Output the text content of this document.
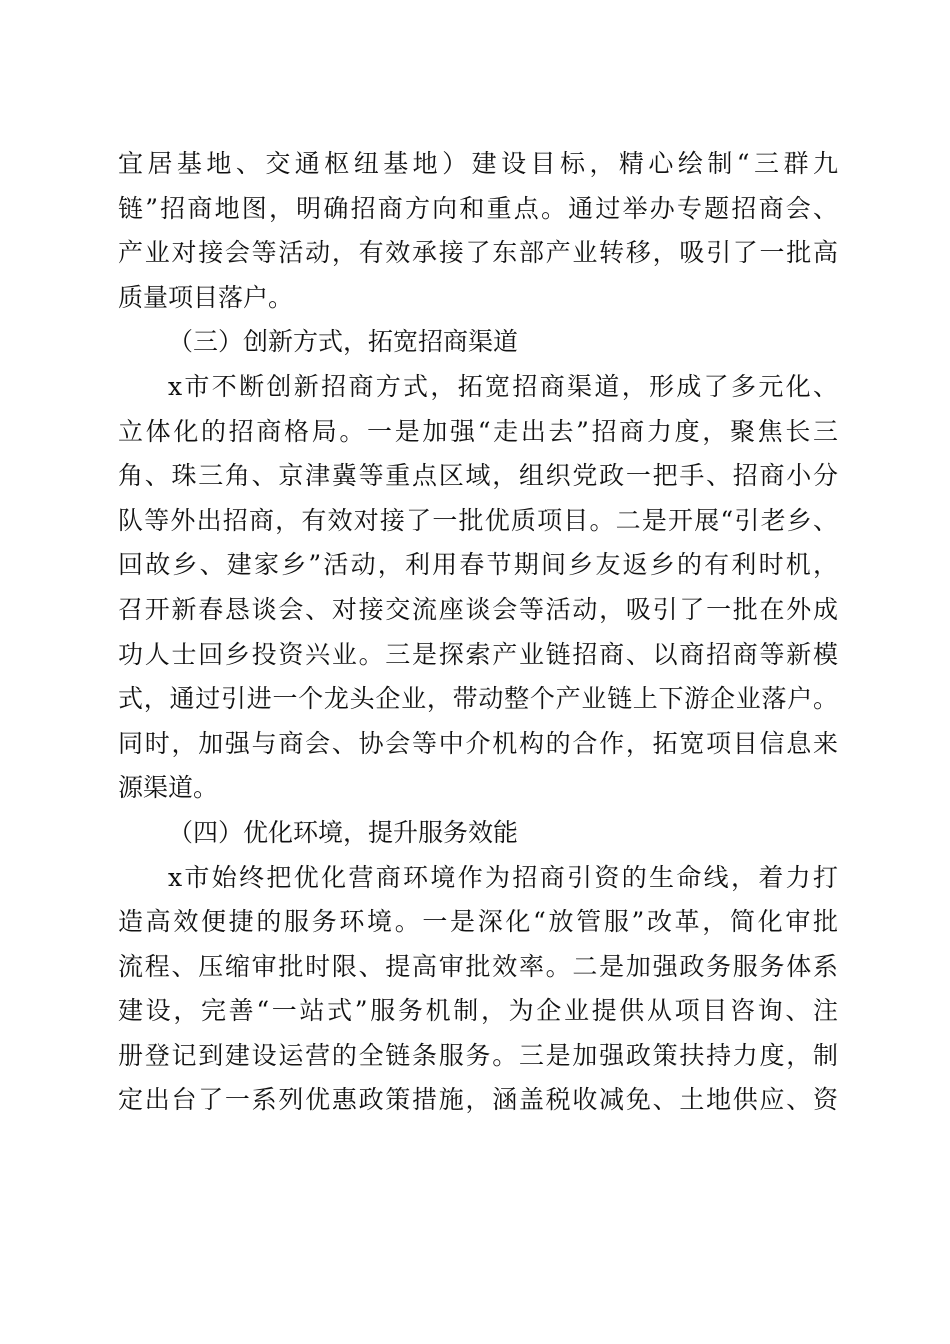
宜居基地、交通枢纽基地）建设目标，精心绘制“三群九
链”招商地图，明确招商方向和重点。通过举办专题招商会、
产业对接会等活动，有效承接了东部产业转移，吸引了一批高
质量项目落户。
（三）创新方式，拓宽招商渠道
x市不断创新招商方式，拓宽招商渠道，形成了多元化、
立体化的招商格局。一是加强“走出去”招商力度，聚焦长三
角、珠三角、京津冀等重点区域，组织党政一把手、招商小分
队等外出招商，有效对接了一批优质项目。二是开展“引老乡、
回故乡、建家乡”活动，利用春节期间乡友返乡的有利时机，
召开新春恳谈会、对接交流座谈会等活动，吸引了一批在外成
功人士回乡投资兴业。三是探索产业链招商、以商招商等新模
式，通过引进一个龙头企业，带动整个产业链上下游企业落户。
同时，加强与商会、协会等中介机构的合作，拓宽项目信息来
源渠道。
（四）优化环境，提升服务效能
x市始终把优化营商环境作为招商引资的生命线，着力打
造高效便捷的服务环境。一是深化“放管服”改革，简化审批
流程、压缩审批时限、提高审批效率。二是加强政务服务体系
建设，完善“一站式”服务机制，为企业提供从项目咨询、注
册登记到建设运营的全链条服务。三是加强政策扶持力度，制
定出台了一系列优惠政策措施，涵盖税收减免、土地供应、资
